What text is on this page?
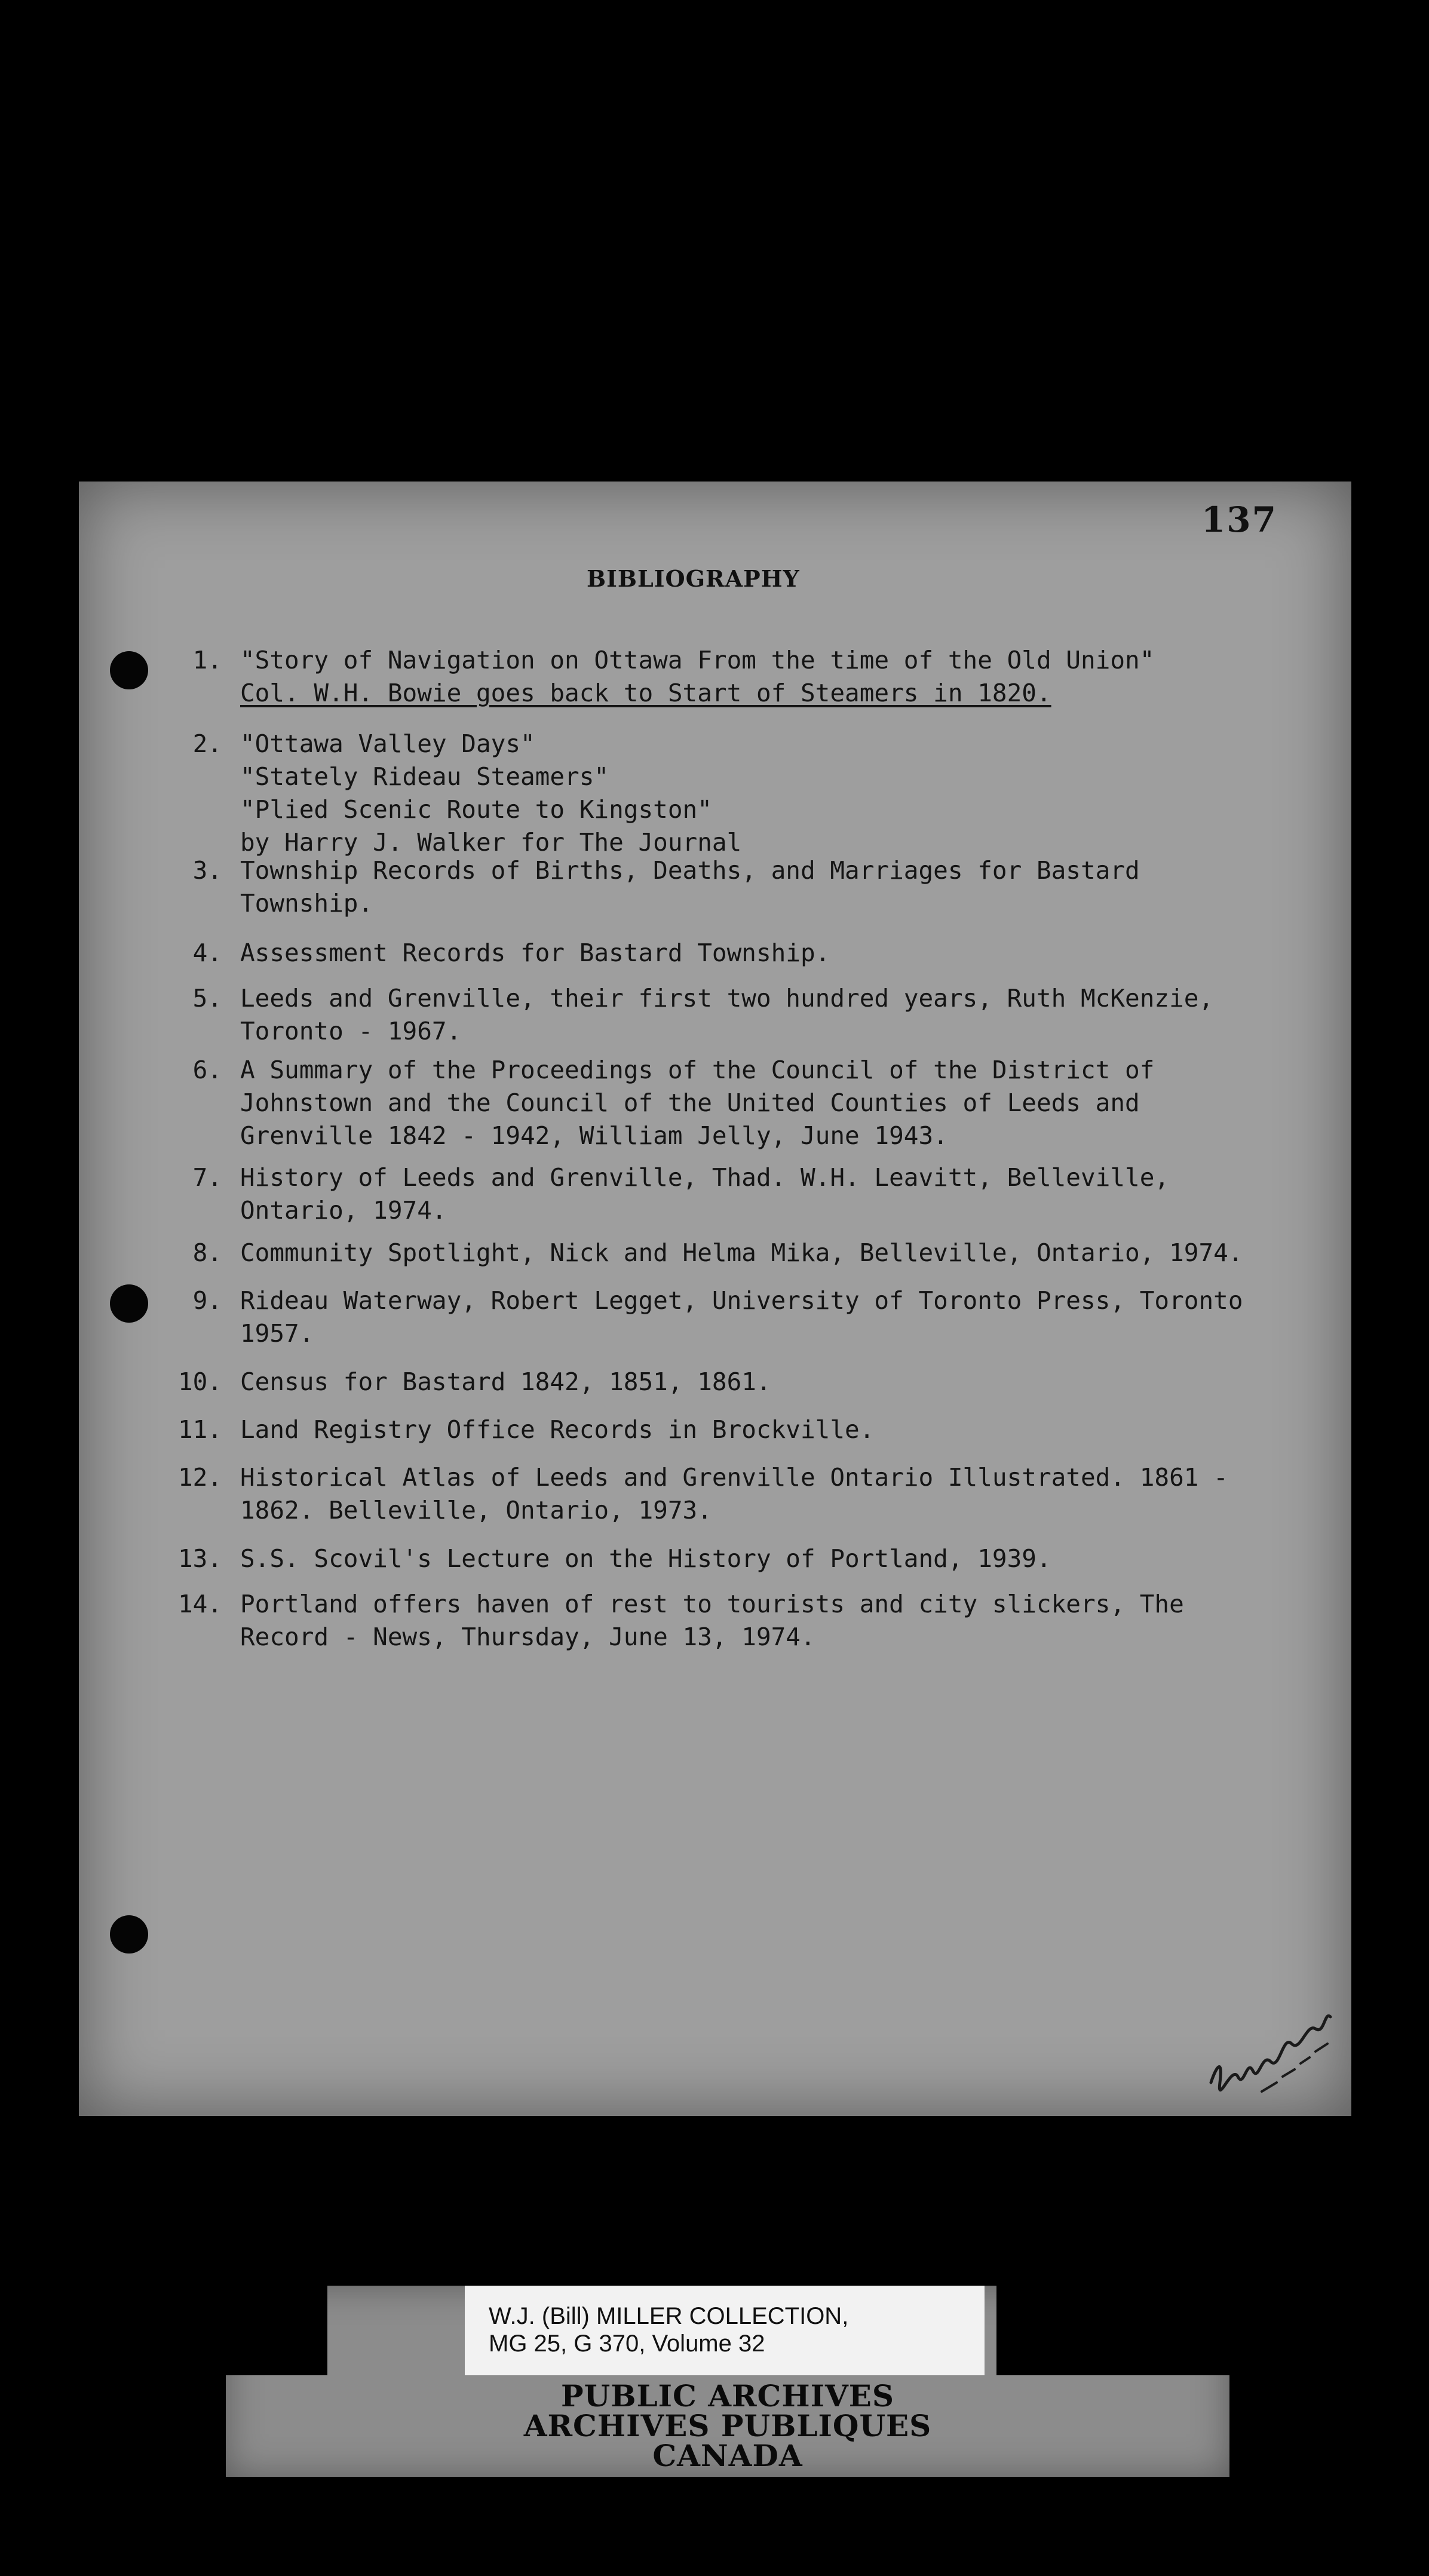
137
BIBLIOGRAPHY
1. "Story of Navigation on Ottawa From the time of the Old Union"
Col. W.H. Bowie goes back to Start of Steamers in 1820.
2. "Ottawa Valley Days"
"Stately Rideau Steamers"
"Plied Scenic Route to Kingston"
by Harry J. Walker for The Journal
3. Township Records of Births, Deaths, and Marriages for Bastard
Township.
4. Assessment Records for Bastard Township.
5. Leeds and Grenville, their first two hundred years, Ruth McKenzie,
Toronto - 1967.
6. A Summary of the Proceedings of the Council of the District of
Johnstown and the Council of the United Counties of Leeds and
Grenville 1842 - 1942, William Jelly, June 1943.
7. History of Leeds and Grenville, Thad. W.H. Leavitt, Belleville,
Ontario, 1974.
8. Community Spotlight, Nick and Helma Mika, Belleville, Ontario, 1974.
9. Rideau Waterway, Robert Legget, University of Toronto Press, Toronto
1957.
10. Census for Bastard 1842, 1851, 1861.
11. Land Registry Office Records in Brockville.
12. Historical Atlas of Leeds and Grenville Ontario Illustrated. 1861 -
1862. Belleville, Ontario, 1973.
13. S.S. Scovil's Lecture on the History of Portland, 1939.
14. Portland offers haven of rest to tourists and city slickers, The
Record - News, Thursday, June 13, 1974.
W.J. (Bill) MILLER COLLECTION,
MG 25, G 370, Volume 32
PUBLIC ARCHIVES
ARCHIVES PUBLIQUES
CANADA
